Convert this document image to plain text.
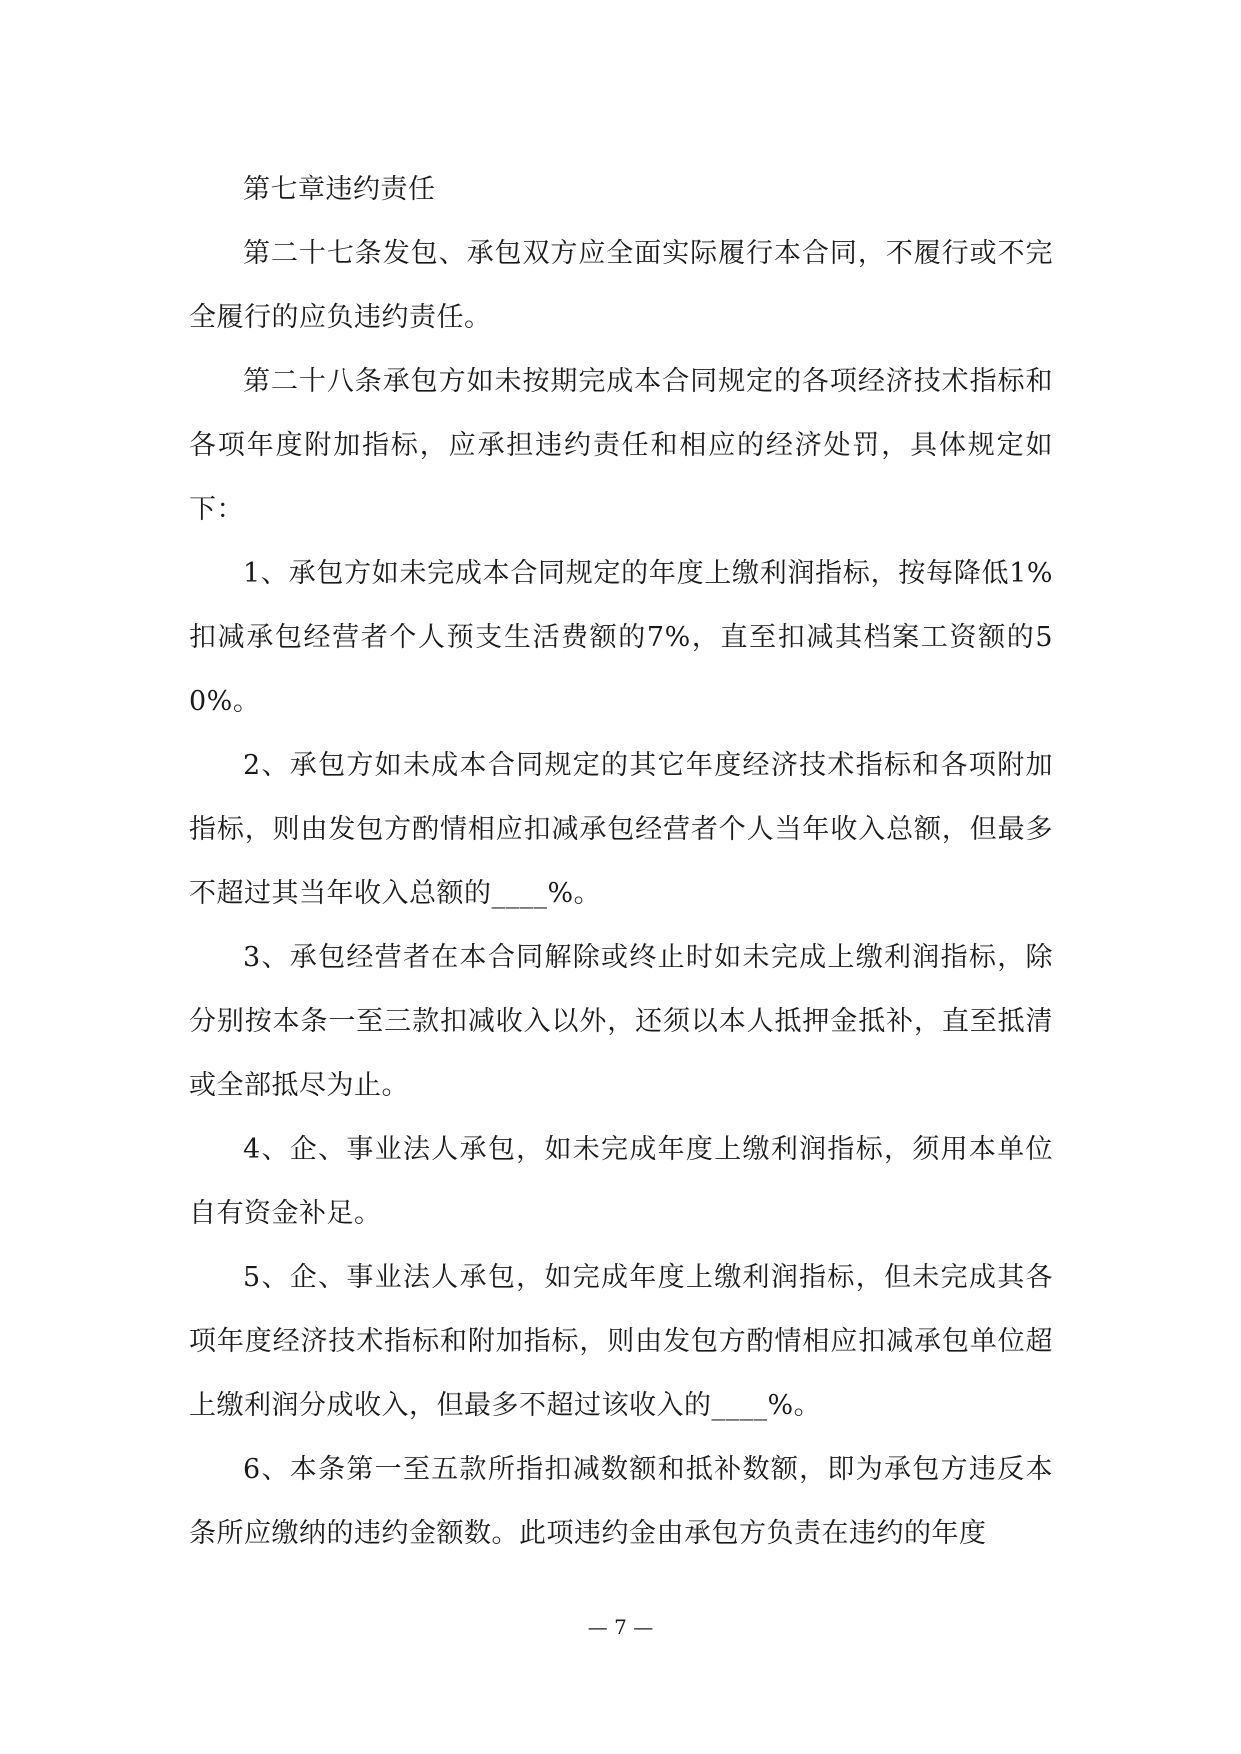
第七章违约责任

第二十七条发包、承包双方应全面实际履行本合同，不履行或不完全履行的应负违约责任。

第二十八条承包方如未按期完成本合同规定的各项经济技术指标和各项年度附加指标，应承担违约责任和相应的经济处罚，具体规定如下：

1、承包方如未完成本合同规定的年度上缴利润指标，按每降低1%扣减承包经营者个人预支生活费额的7%，直至扣减其档案工资额的50%。

2、承包方如未成本合同规定的其它年度经济技术指标和各项附加指标，则由发包方酌情相应扣减承包经营者个人当年收入总额，但最多不超过其当年收入总额的____%。

3、承包经营者在本合同解除或终止时如未完成上缴利润指标，除分别按本条一至三款扣减收入以外，还须以本人抵押金抵补，直至抵清或全部抵尽为止。

4、企、事业法人承包，如未完成年度上缴利润指标，须用本单位自有资金补足。

5、企、事业法人承包，如完成年度上缴利润指标，但未完成其各项年度经济技术指标和附加指标，则由发包方酌情相应扣减承包单位超上缴利润分成收入，但最多不超过该收入的____%。

6、本条第一至五款所指扣减数额和抵补数额，即为承包方违反本条所应缴纳的违约金额数。此项违约金由承包方负责在违约的年度

— 7 —
